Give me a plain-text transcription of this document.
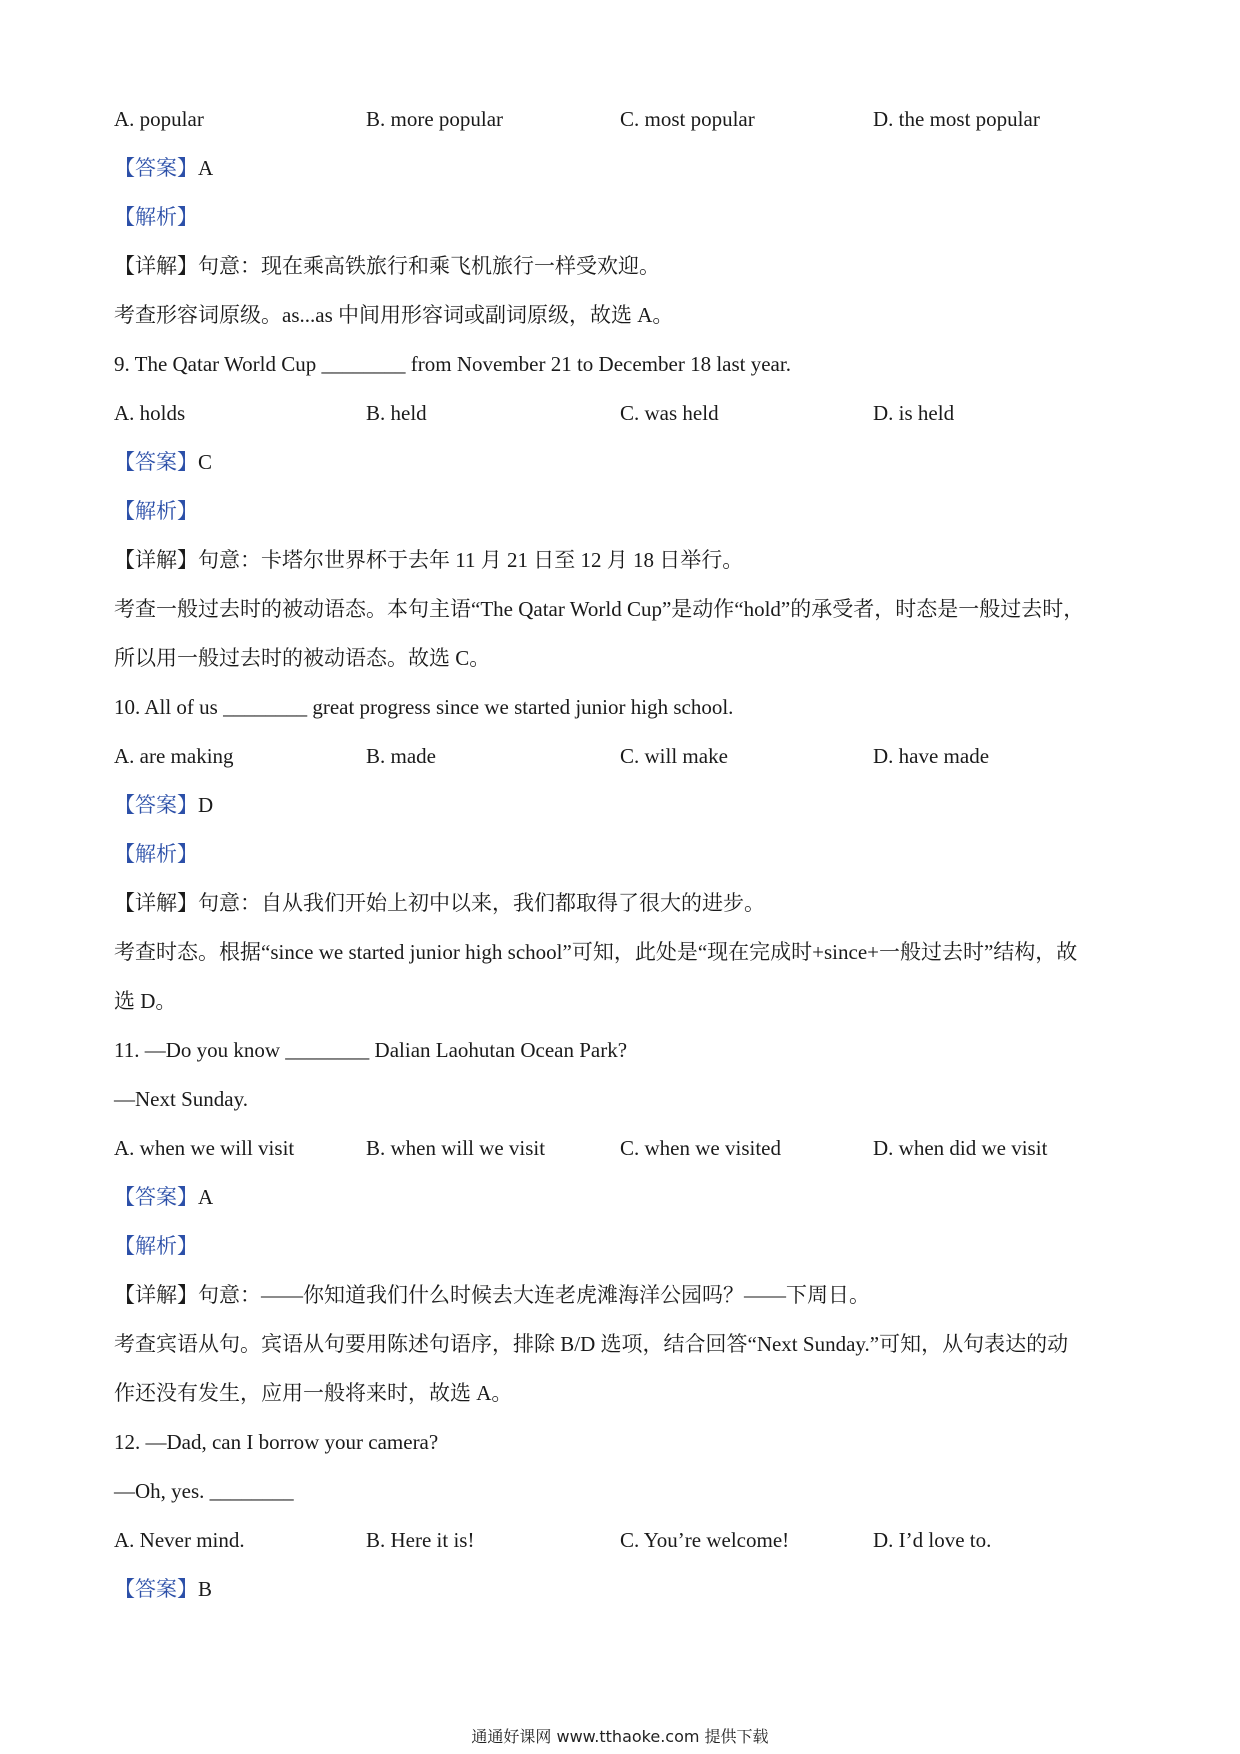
A. popular	B. more popular	C. most popular	D. the most popular
【答案】A
【解析】
【详解】句意：现在乘高铁旅行和乘飞机旅行一样受欢迎。
考查形容词原级。as...as 中间用形容词或副词原级，故选 A。
9. The Qatar World Cup ________ from November 21 to December 18 last year.
A. holds	B. held	C. was held	D. is held
【答案】C
【解析】
【详解】句意：卡塔尔世界杯于去年 11 月 21 日至 12 月 18 日举行。
考查一般过去时的被动语态。本句主语“The Qatar World Cup”是动作“hold”的承受者，时态是一般过去时，
所以用一般过去时的被动语态。故选 C。
10. All of us ________ great progress since we started junior high school.
A. are making	B. made	C. will make	D. have made
【答案】D
【解析】
【详解】句意：自从我们开始上初中以来，我们都取得了很大的进步。
考查时态。根据“since we started junior high school”可知，此处是“现在完成时+since+一般过去时”结构，故
选 D。
11. —Do you know ________ Dalian Laohutan Ocean Park?
—Next Sunday.
A. when we will visit	B. when will we visit	C. when we visited	D. when did we visit
【答案】A
【解析】
【详解】句意：——你知道我们什么时候去大连老虎滩海洋公园吗？——下周日。
考查宾语从句。宾语从句要用陈述句语序，排除 B/D 选项，结合回答“Next Sunday.”可知，从句表达的动
作还没有发生，应用一般将来时，故选 A。
12. —Dad, can I borrow your camera?
—Oh, yes. ________
A. Never mind.	B. Here it is!	C. You’re welcome!	D. I’d love to.
【答案】B
通通好课网 www.tthaoke.com 提供下载
